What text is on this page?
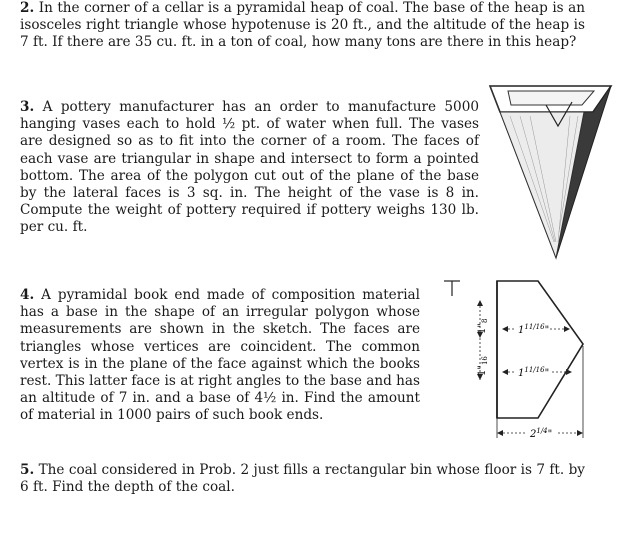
2. In the corner of a cellar is a pyramidal heap of coal. The base of the heap is an isosceles right triangle whose hypotenuse is 20 ft., and the altitude of the heap is 7 ft. If there are 35 cu. ft. in a ton of coal, how many tons are there in this heap?
3. A pottery manufacturer has an order to manufacture 5000 hanging vases each to hold ½ pt. of water when full. The vases are designed so as to fit into the corner of a room. The faces of each vase are triangular in shape and intersect to form a pointed bottom. The area of the polygon cut out of the plane of the base by the lateral faces is 3 sq. in. The height of the vase is 8 in. Compute the weight of pottery required if pottery weighs 130 lb. per cu. ft.
4. A pyramidal book end made of composition material has a base in the shape of an irregular polygon whose measurements are shown in the sketch. The faces are triangles whose vertices are coincident. The common vertex is in the plane of the face against which the books rest. This latter face is at right angles to the base and has an altitude of 7 in. and a base of 4½ in. Find the amount of material in 1000 pairs of such book ends.
$1"_8$
$1"_{16}$
$1^{11/16}$"
$1^{11/16}$"
$2^{1/4}$"
5. The coal considered in Prob. 2 just fills a rectangular bin whose floor is 7 ft. by 6 ft. Find the depth of the coal.
